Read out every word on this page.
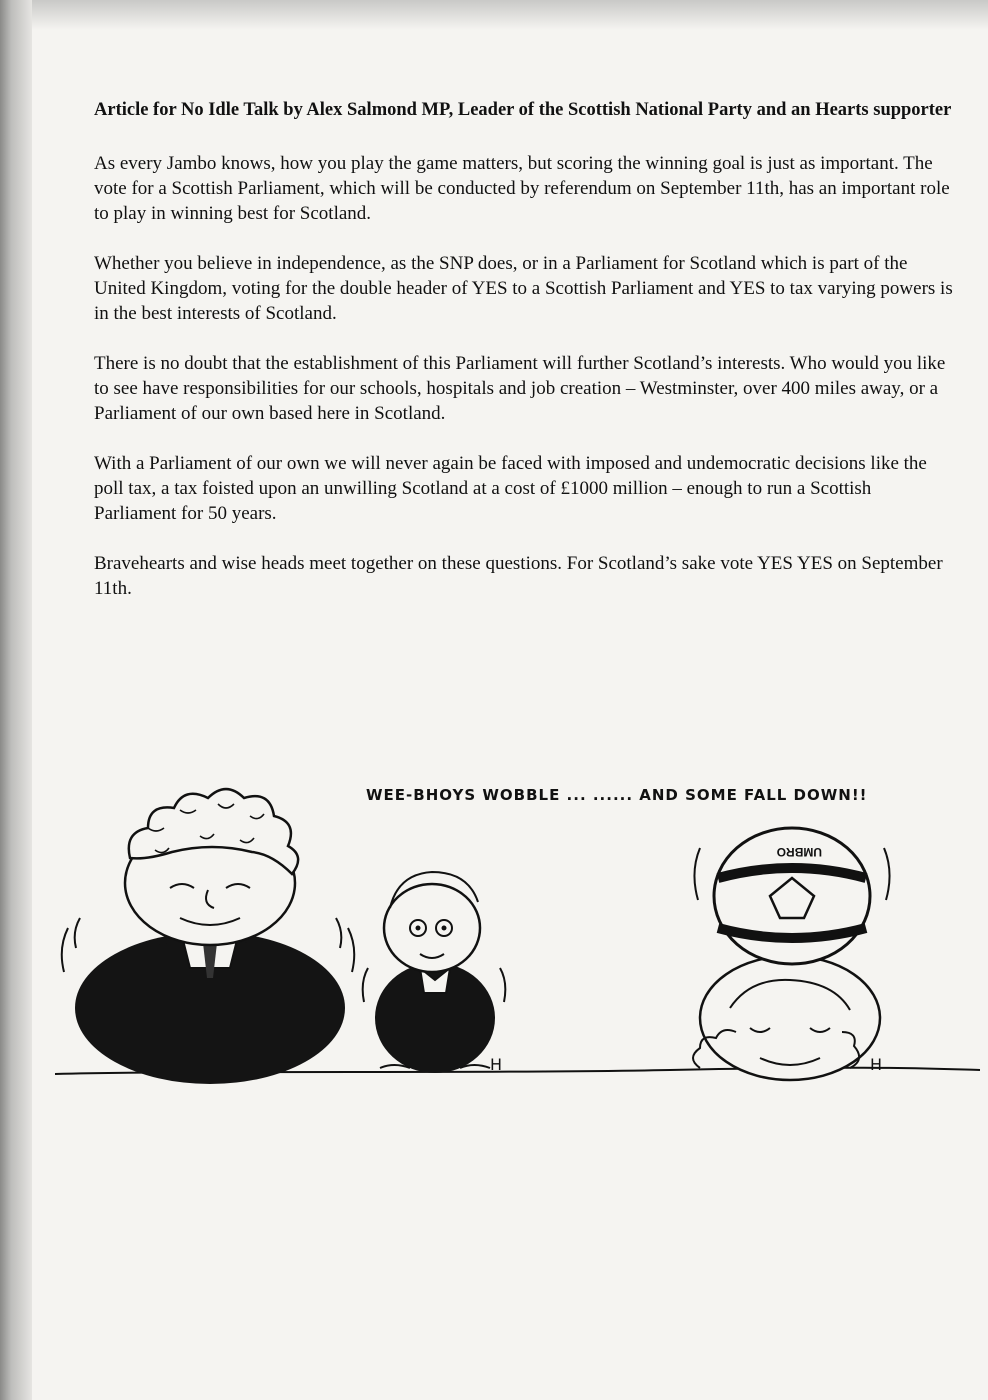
Article for No Idle Talk by Alex Salmond MP, Leader of the Scottish National Party and an Hearts supporter

As every Jambo knows, how you play the game matters, but scoring the winning goal is just as important. The vote for a Scottish Parliament, which will be conducted by referendum on September 11th, has an important role to play in winning best for Scotland.

Whether you believe in independence, as the SNP does, or in a Parliament for Scotland which is part of the United Kingdom, voting for the double header of YES to a Scottish Parliament and YES to tax varying powers is in the best interests of Scotland.

There is no doubt that the establishment of this Parliament will further Scotland’s interests. Who would you like to see have responsibilities for our schools, hospitals and job creation – Westminster, over 400 miles away, or a Parliament of our own based here in Scotland.

With a Parliament of our own we will never again be faced with imposed and undemocratic decisions like the poll tax, a tax foisted upon an unwilling Scotland at a cost of £1000 million – enough to run a Scottish Parliament for 50 years.

Bravehearts and wise heads meet together on these questions. For Scotland’s sake vote YES YES on September 11th.

WEE-BHOYS WOBBLE ... ...... AND SOME FALL DOWN!!
UMBRO
H	H
